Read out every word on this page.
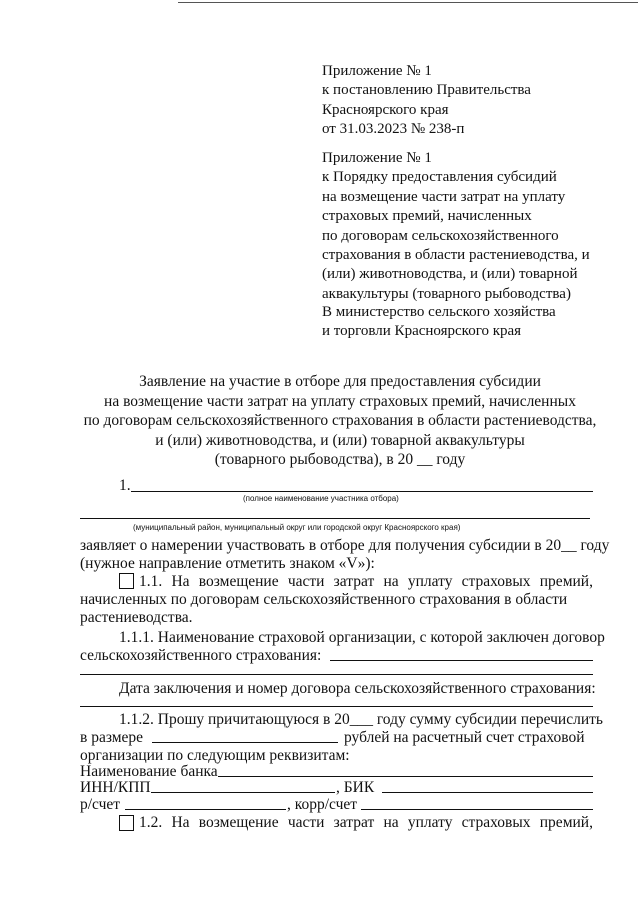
Приложение № 1
к постановлению Правительства
Красноярского края
от 31.03.2023 № 238-п
Приложение № 1
к Порядку предоставления субсидий
на возмещение части затрат на уплату
страховых премий, начисленных
по договорам сельскохозяйственного
страхования в области растениеводства, и
(или) животноводства, и (или) товарной
аквакультуры (товарного рыбоводства)
В министерство сельского хозяйства
и торговли Красноярского края
Заявление на участие в отборе для предоставления субсидии
на возмещение части затрат на уплату страховых премий, начисленных
по договорам сельскохозяйственного страхования в области растениеводства,
и (или) животноводства, и (или) товарной аквакультуры
(товарного рыбоводства), в 20 __ году
1.
(полное наименование участника отбора)
(муниципальный район, муниципальный округ или городской округ Красноярского края)
заявляет о намерении участвовать в отборе для получения субсидии в 20__ году
(нужное направление отметить знаком «V»):
1.1. На возмещение части затрат на уплату страховых премий,
начисленных по договорам сельскохозяйственного страхования в области
растениеводства.
1.1.1. Наименование страховой организации, с которой заключен договор
сельскохозяйственного страхования:
Дата заключения и номер договора сельскохозяйственного страхования:
1.1.2. Прошу причитающуюся в 20___ году сумму субсидии перечислить
в размере	рублей на расчетный счет страховой
организации по следующим реквизитам:
Наименование банка
ИНН/КПП	, БИК
р/счет	, корр/счет
1.2. На возмещение части затрат на уплату страховых премий,
